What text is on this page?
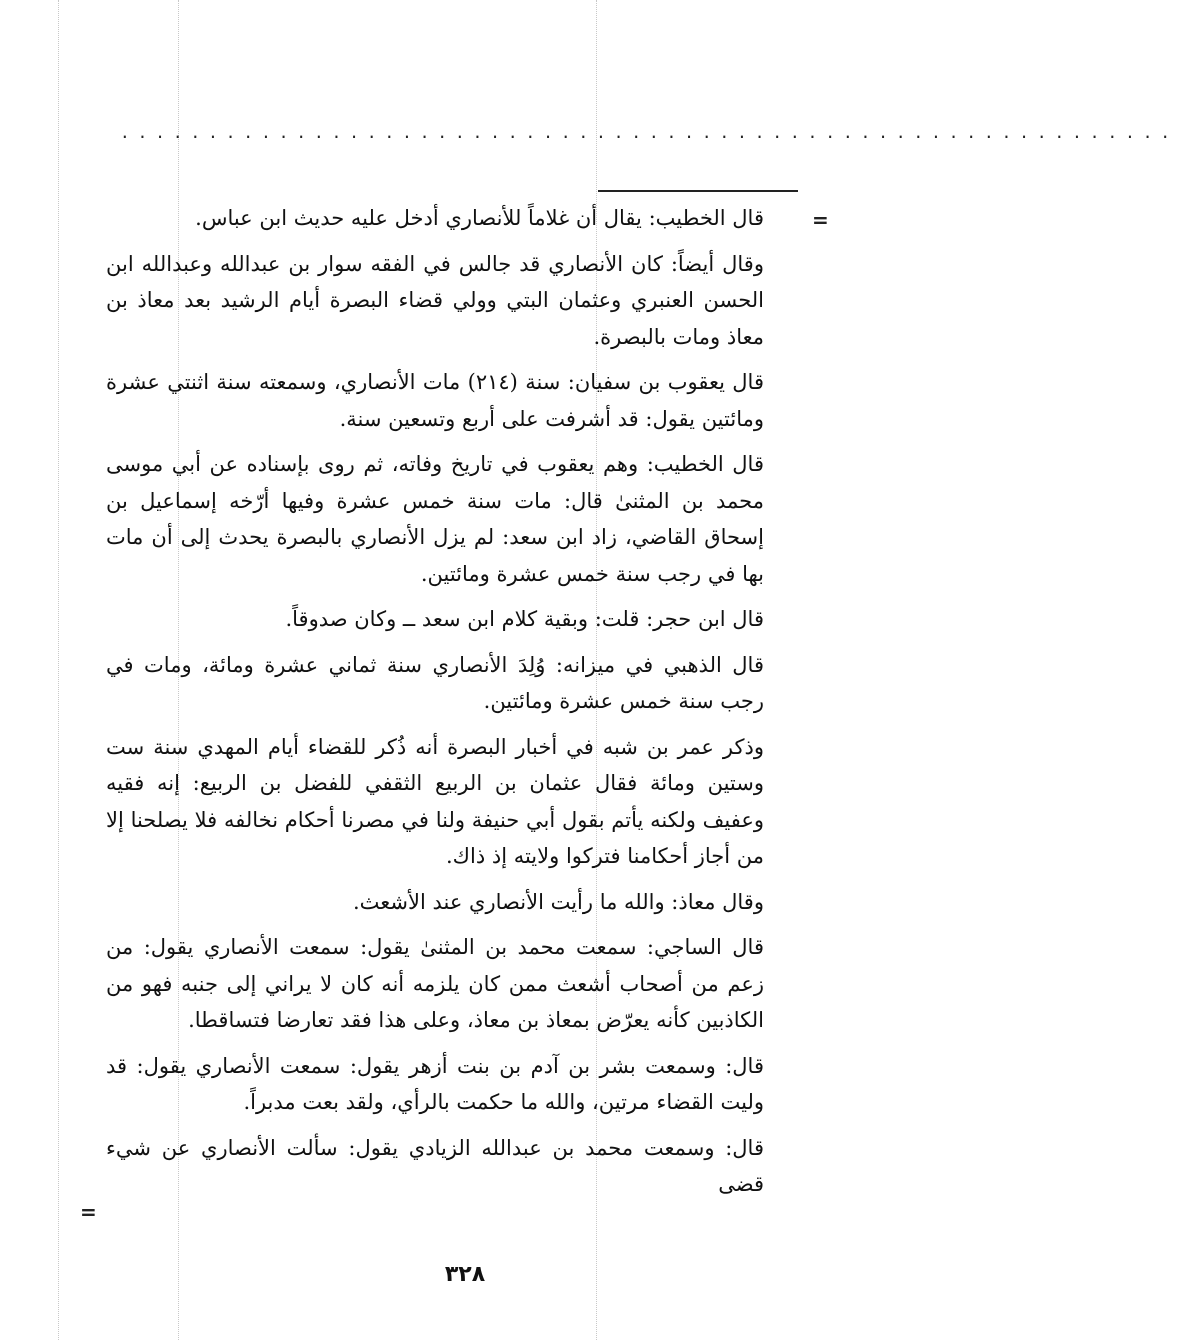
............................................................
=
=

قال الخطيب: يقال أن غلاماً للأنصاري أدخل عليه حديث ابن عباس.

وقال أيضاً: كان الأنصاري قد جالس في الفقه سوار بن عبدالله وعبدالله ابن الحسن العنبري وعثمان البتي وولي قضاء البصرة أيام الرشيد بعد معاذ بن معاذ ومات بالبصرة.

قال يعقوب بن سفيان: سنة (٢١٤) مات الأنصاري، وسمعته سنة اثنتي عشرة ومائتين يقول: قد أشرفت على أربع وتسعين سنة.

قال الخطيب: وهم يعقوب في تاريخ وفاته، ثم روى بإسناده عن أبي موسى محمد بن المثنىٰ قال: مات سنة خمس عشرة وفيها أرّخه إسماعيل بن إسحاق القاضي، زاد ابن سعد: لم يزل الأنصاري بالبصرة يحدث إلى أن مات بها في رجب سنة خمس عشرة ومائتين.

قال ابن حجر: قلت: وبقية كلام ابن سعد ــ وكان صدوقاً.

قال الذهبي في ميزانه: وُلِدَ الأنصاري سنة ثماني عشرة ومائة، ومات في رجب سنة خمس عشرة ومائتين.

وذكر عمر بن شبه في أخبار البصرة أنه ذُكر للقضاء أيام المهدي سنة ست وستين ومائة فقال عثمان بن الربيع الثقفي للفضل بن الربيع: إنه فقيه وعفيف ولكنه يأتم بقول أبي حنيفة ولنا في مصرنا أحكام نخالفه فلا يصلحنا إلا من أجاز أحكامنا فتركوا ولايته إذ ذاك.

وقال معاذ: والله ما رأيت الأنصاري عند الأشعث.

قال الساجي: سمعت محمد بن المثنىٰ يقول: سمعت الأنصاري يقول: من زعم من أصحاب أشعث ممن كان يلزمه أنه كان لا يراني إلى جنبه فهو من الكاذبين كأنه يعرّض بمعاذ بن معاذ، وعلى هذا فقد تعارضا فتساقطا.

قال: وسمعت بشر بن آدم بن بنت أزهر يقول: سمعت الأنصاري يقول: قد وليت القضاء مرتين، والله ما حكمت بالرأي، ولقد بعت مدبراً.

قال: وسمعت محمد بن عبدالله الزيادي يقول: سألت الأنصاري عن شيء قضى

٣٢٨
